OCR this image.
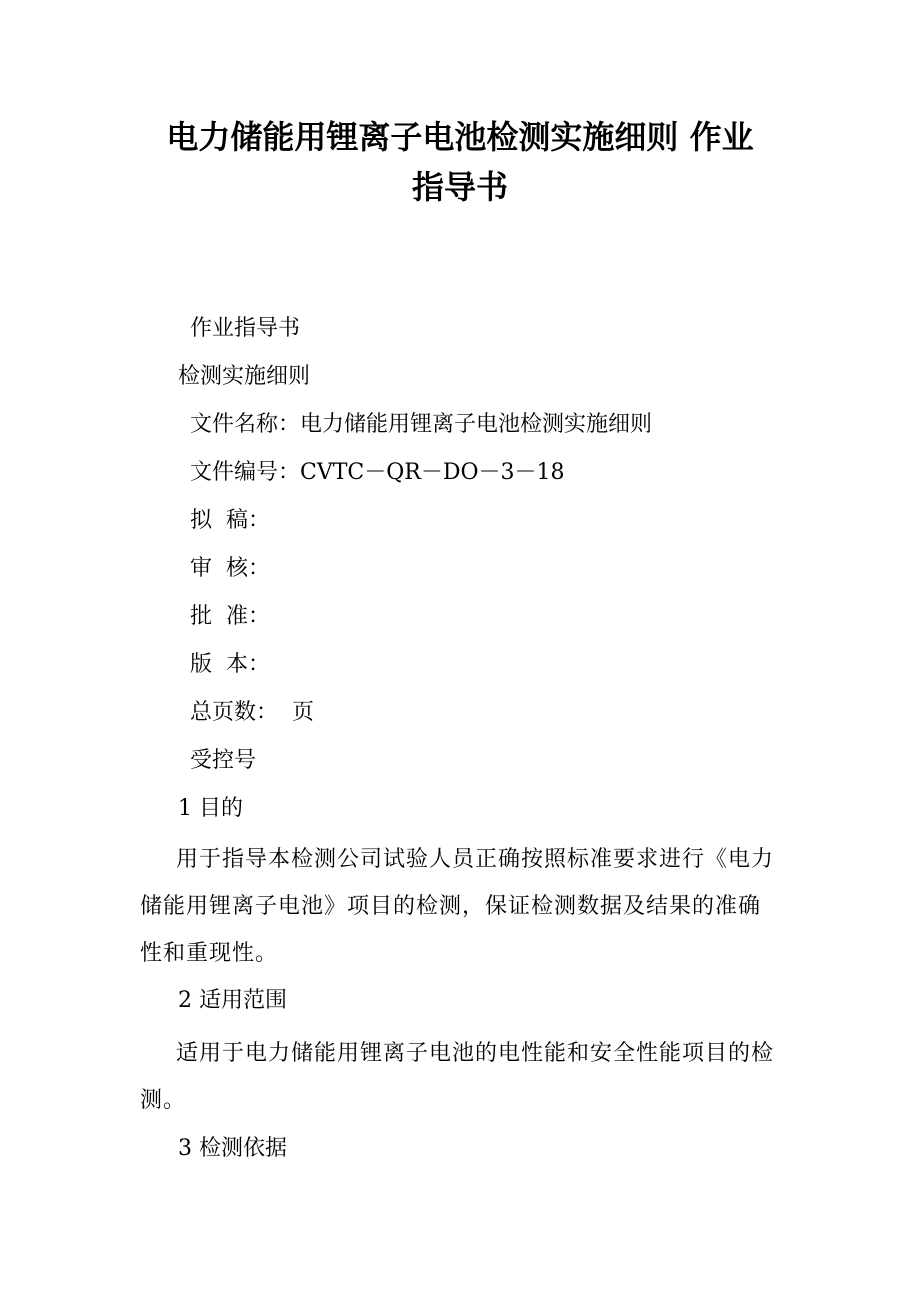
电力储能用锂离子电池检测实施细则 作业
指导书
作业指导书
检测实施细则
文件名称：电力储能用锂离子电池检测实施细则
文件编号：CVTC－QR－DO－3－18
拟  稿：
审  核：
批  准：
版  本：
总页数：  页
受控号
1 目的
用于指导本检测公司试验人员正确按照标准要求进行《电力储能用锂离子电池》项目的检测，保证检测数据及结果的准确性和重现性。
2 适用范围
适用于电力储能用锂离子电池的电性能和安全性能项目的检测。
3 检测依据
